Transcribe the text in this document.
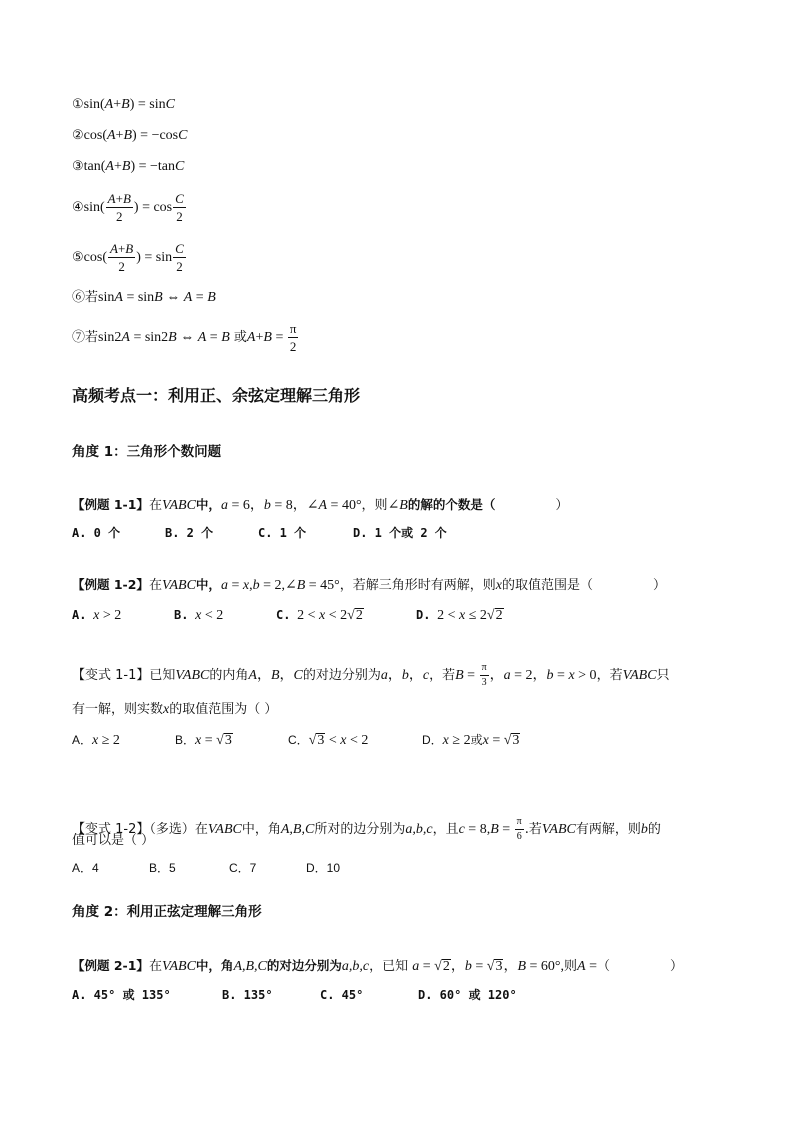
①sin(A+B) = sinC
②cos(A+B) = −cosC
③tan(A+B) = −tanC
④sin( $\frac{A+B}{2}$ ) = $\cos \frac{C}{2}$
⑤cos( $\frac{A+B}{2}$ ) = $\sin \frac{C}{2}$
⑥若sinA = sinB ⇔ A = B
⑦若sin2A = sin2B ⇔ A = B 或$A+B = \frac{\pi}{2}$
高频考点一：利用正、余弦定理解三角形
角度 1：三角形个数问题
【例题 1-1】在VABC中，a = 6，b = 8，∠A = 40°，则∠B的解的个数是（	）
A. 0 个	B. 2 个	C. 1 个	D. 1 个或 2 个
【例题 1-2】在VABC中，a = x,b = 2,∠B = 45°，若解三角形时有两解，则x的取值范围是（	）
A. x > 2	B. x < 2	C. 2 < x < 2√2	D. 2 < x ≤ 2√2
【变式 1-1】已知VABC的内角A，B，C的对边分别为a，b，c，若$B = \frac{\pi}{3}$ ，a = 2，b = x > 0，若VABC只
有一解，则实数x的取值范围为（ ）
A．x ≥ 2	B．x = √3	C．√3 < x < 2	D．x ≥ 2或x = √3
【变式 1-2】（多选）在VABC中，角A,B,C所对的边分别为a,b,c，且$c = 8,B = \frac{\pi}{6}$ .若VABC有两解，则b的
值可以是（ ）
A．4	B．5	C．7	D．10
角度 2：利用正弦定理解三角形
【例题 2-1】在VABC中，角A,B,C的对边分别为a,b,c，已知 a = √2，b = √3，B = 60°,则A =（	）
A. 45° 或 135°	B. 135°	C. 45°	D. 60° 或 120°
